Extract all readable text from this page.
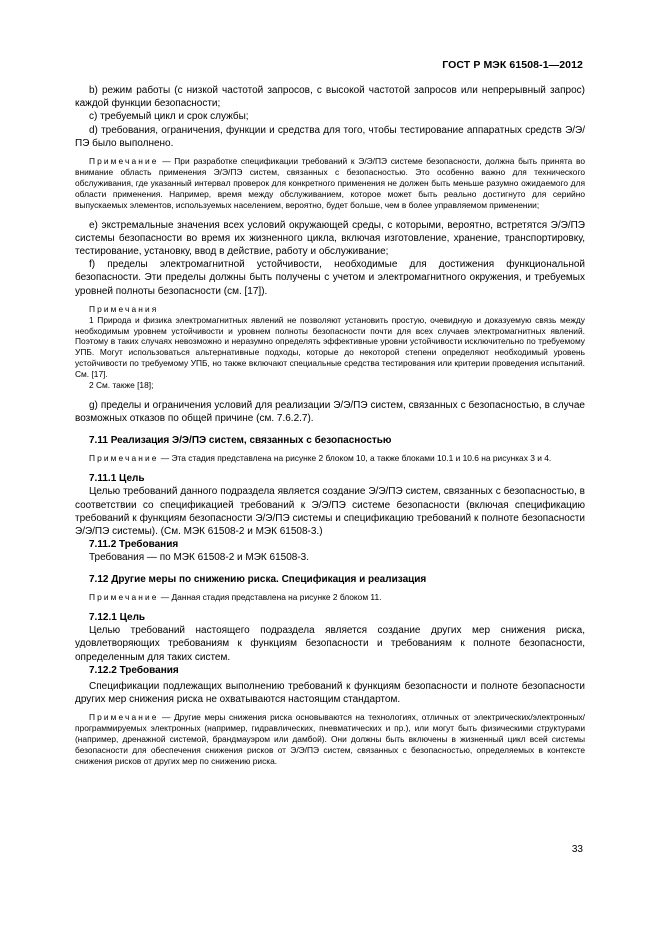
ГОСТ Р МЭК 61508-1—2012

b) режим работы (с низкой частотой запросов, с высокой частотой запросов или непрерывный запрос) каждой функции безопасности;

c) требуемый цикл и срок службы;

d) требования, ограничения, функции и средства для того, чтобы тестирование аппаратных средств Э/Э/ПЭ было выполнено.

Примечание — При разработке спецификации требований к Э/Э/ПЭ системе безопасности, должна быть принята во внимание область применения Э/Э/ПЭ систем, связанных с безопасностью. Это особенно важно для технического обслуживания, где указанный интервал проверок для конкретного применения не должен быть меньше разумно ожидаемого для области применения. Например, время между обслуживанием, которое может быть реально достигнуто для серийно выпускаемых элементов, используемых населением, вероятно, будет больше, чем в более управляемом применении;

e) экстремальные значения всех условий окружающей среды, с которыми, вероятно, встретятся Э/Э/ПЭ системы безопасности во время их жизненного цикла, включая изготовление, хранение, транспортировку, тестирование, установку, ввод в действие, работу и обслуживание;

f) пределы электромагнитной устойчивости, необходимые для достижения функциональной безопасности. Эти пределы должны быть получены с учетом и электромагнитного окружения, и требуемых уровней полноты безопасности (см. [17]).

Примечания

1 Природа и физика электромагнитных явлений не позволяют установить простую, очевидную и доказуемую связь между необходимым уровнем устойчивости и уровнем полноты безопасности почти для всех случаев электромагнитных явлений. Поэтому в таких случаях невозможно и неразумно определять эффективные уровни устойчивости исключительно по требуемому УПБ. Могут использоваться альтернативные подходы, которые до некоторой степени определяют необходимый уровень устойчивости по требуемому УПБ, но также включают специальные средства тестирования или критерии проведения испытаний. См. [17].

2 См. также [18];

g) пределы и ограничения условий для реализации Э/Э/ПЭ систем, связанных с безопасностью, в случае возможных отказов по общей причине (см. 7.6.2.7).

7.11 Реализация Э/Э/ПЭ систем, связанных с безопасностью

Примечание — Эта стадия представлена на рисунке 2 блоком 10, а также блоками 10.1 и 10.6 на рисунках 3 и 4.

7.11.1 Цель

Целью требований данного подраздела является создание Э/Э/ПЭ систем, связанных с безопасностью, в соответствии со спецификацией требований к Э/Э/ПЭ системе безопасности (включая спецификацию требований к функциям безопасности Э/Э/ПЭ системы и спецификацию требований к полноте безопасности Э/Э/ПЭ системы). (См. МЭК 61508-2 и МЭК 61508-3.)

7.11.2 Требования

Требования — по МЭК 61508-2 и МЭК 61508-3.

7.12 Другие меры по снижению риска. Спецификация и реализация

Примечание — Данная стадия представлена на рисунке 2 блоком 11.

7.12.1 Цель

Целью требований настоящего подраздела является создание других мер снижения риска, удовлетворяющих требованиям к функциям безопасности и требованиям к полноте безопасности, определенным для таких систем.

7.12.2 Требования

Спецификации подлежащих выполнению требований к функциям безопасности и полноте безопасности других мер снижения риска не охватываются настоящим стандартом.

Примечание — Другие меры снижения риска основываются на технологиях, отличных от электрических/электронных/программируемых электронных (например, гидравлических, пневматических и пр.), или могут быть физическими структурами (например, дренажной системой, брандмауэром или дамбой). Они должны быть включены в жизненный цикл всей системы безопасности для обеспечения снижения рисков от Э/Э/ПЭ систем, связанных с безопасностью, определяемых в контексте снижения рисков от других мер по снижению риска.

33
